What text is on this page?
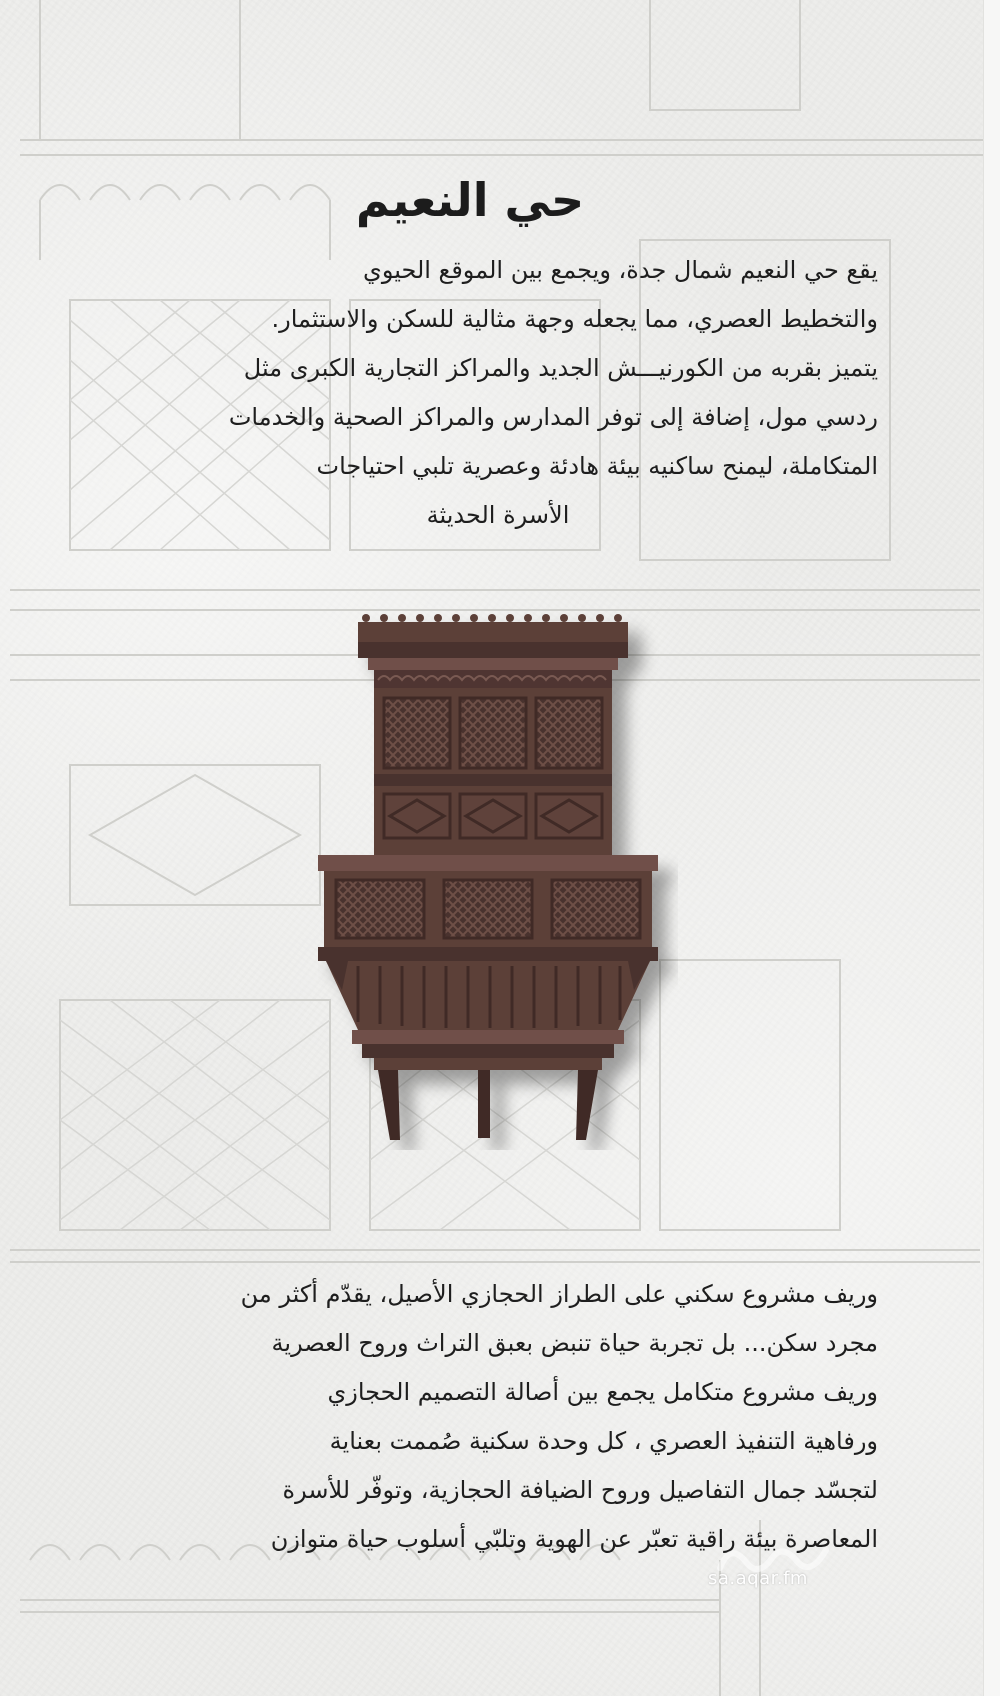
حي النعيم
يقع حي النعيم شمال جدة، ويجمع بين الموقع الحيوي
والتخطيط العصري، مما يجعله وجهة مثالية للسكن والاستثمار.
يتميز بقربه من الكورنيـــش الجديد والمراكز التجارية الكبرى مثل
ردسي مول، إضافة إلى توفر المدارس والمراكز الصحية والخدمات
المتكاملة، ليمنح ساكنيه بيئة هادئة وعصرية تلبي احتياجات
الأسرة الحديثة
وريف مشروع سكني على الطراز الحجازي الأصيل، يقدّم أكثر من
مجرد سكن... بل تجربة حياة تنبض بعبق التراث وروح العصرية
وريف مشروع متكامل يجمع بين أصالة التصميم الحجازي
ورفاهية التنفيذ العصري ، كل وحدة سكنية صُممت بعناية
لتجسّد جمال التفاصيل وروح الضيافة الحجازية، وتوفّر للأسرة
المعاصرة بيئة راقية تعبّر عن الهوية وتلبّي أسلوب حياة متوازن
sa.aqar.fm
